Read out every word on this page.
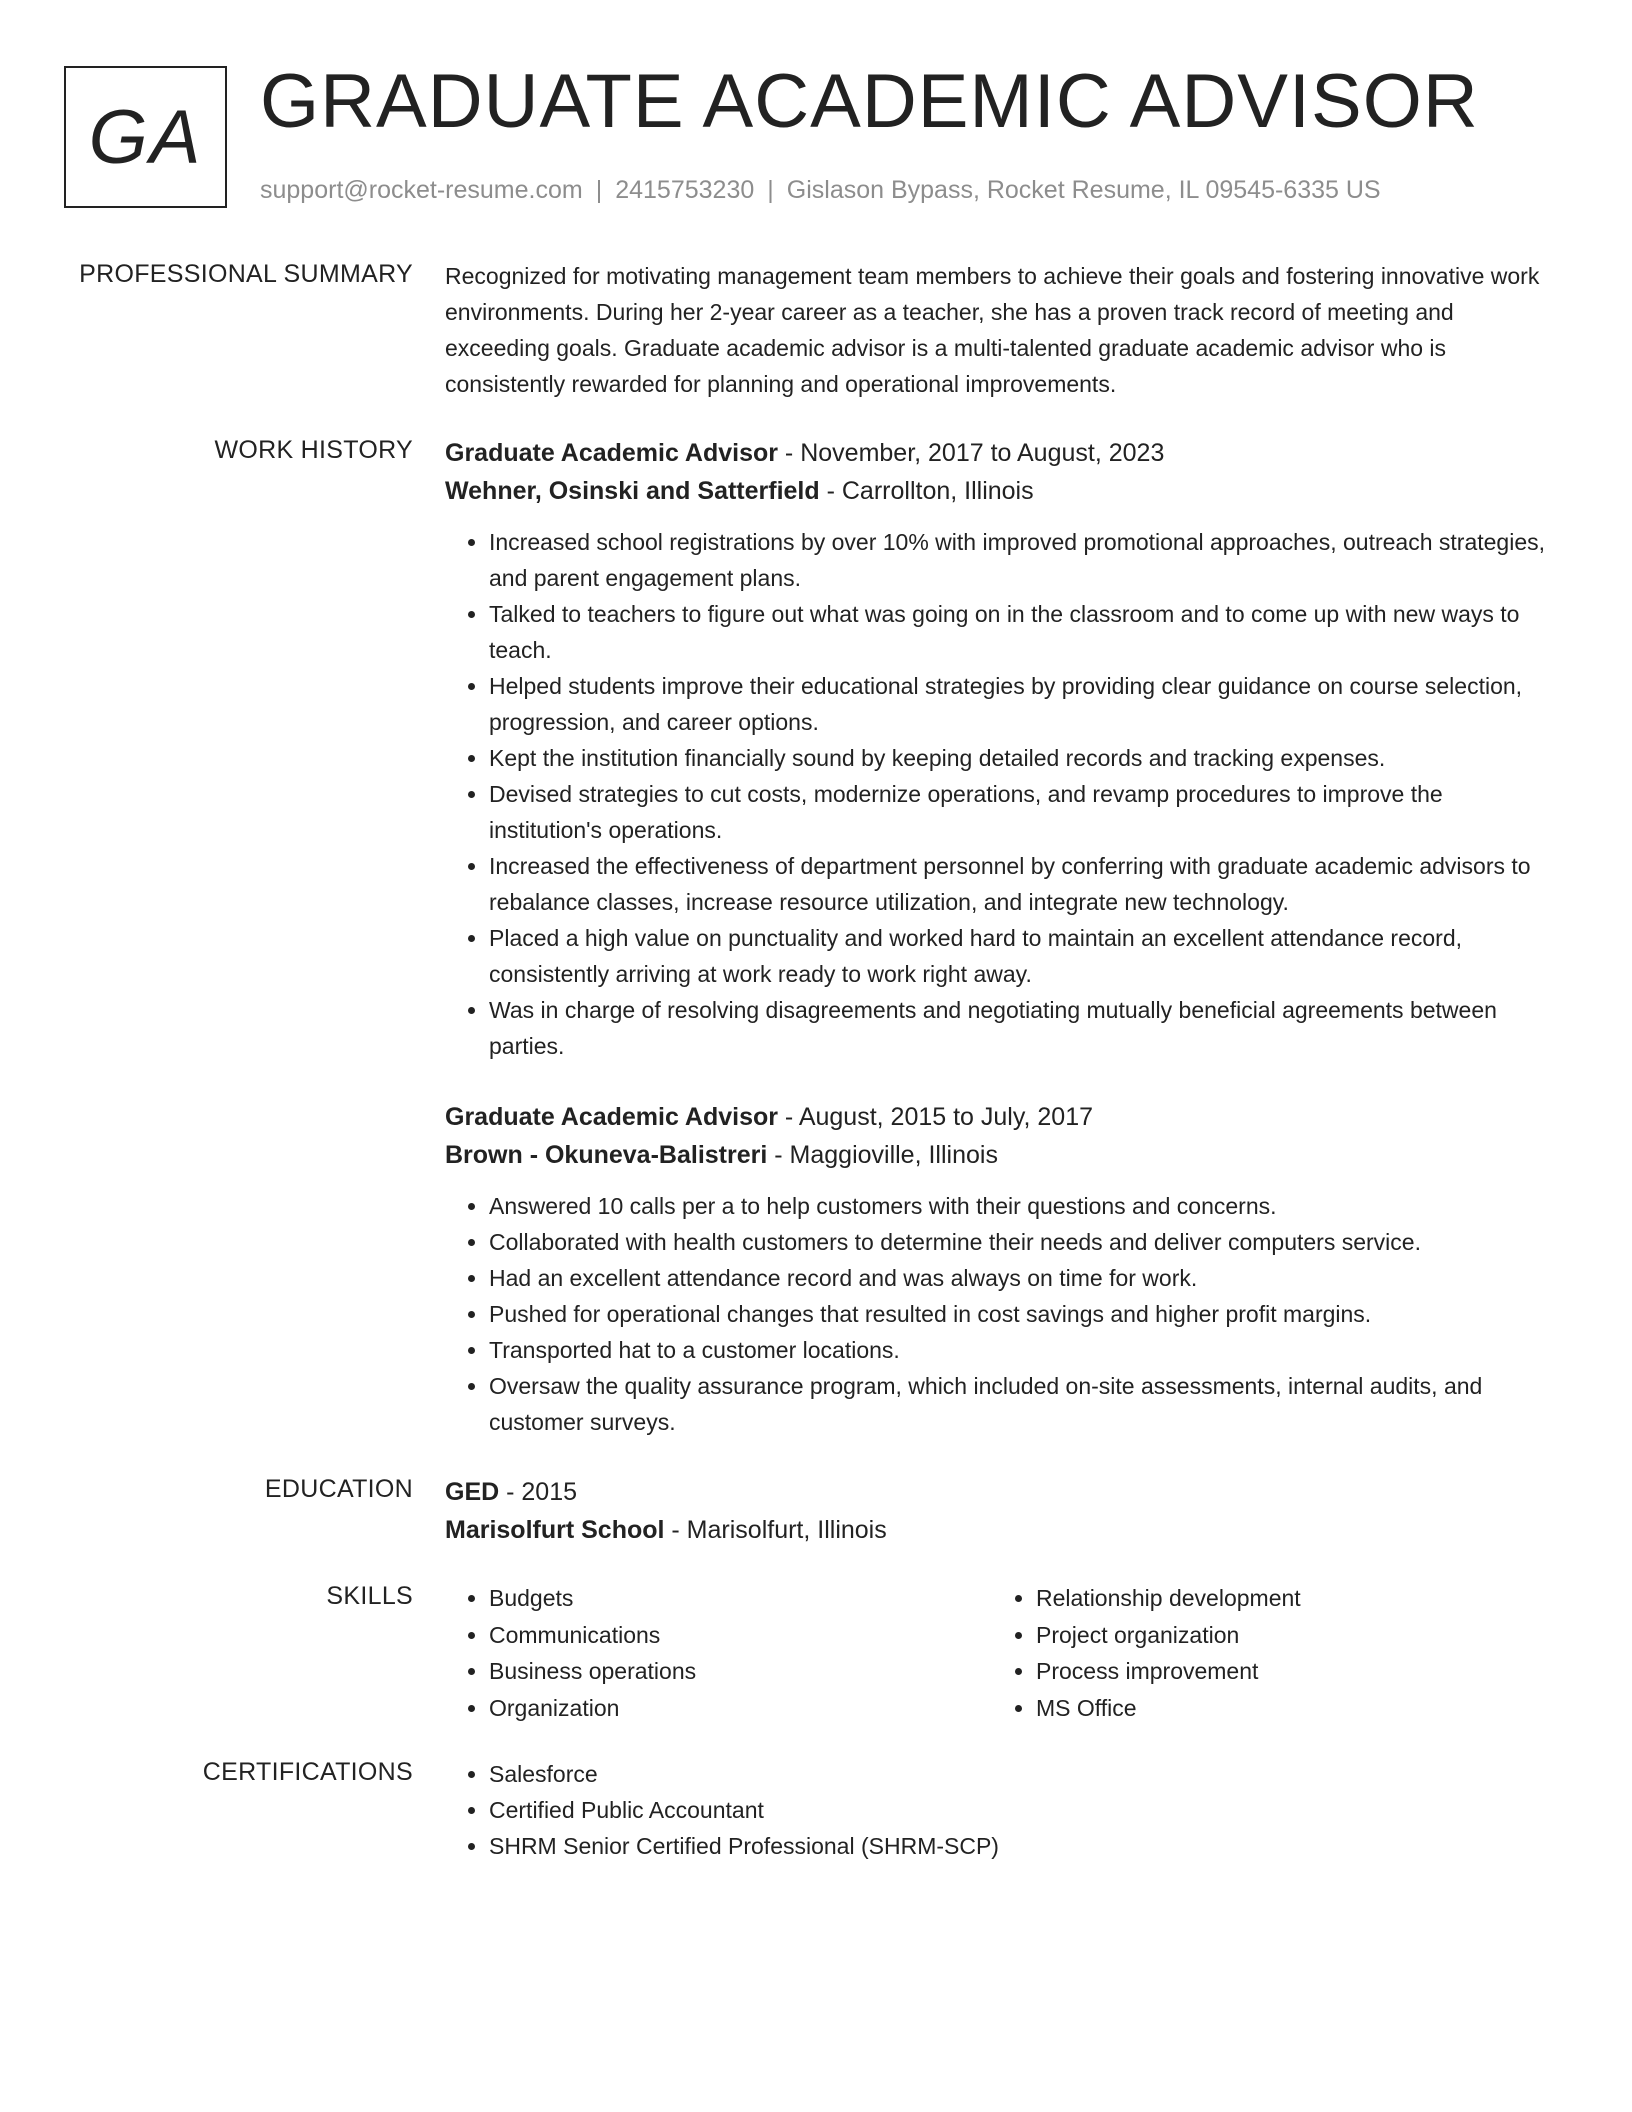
GA GRADUATE ACADEMIC ADVISOR
support@rocket-resume.com | 2415753230 | Gislason Bypass, Rocket Resume, IL 09545-6335 US
PROFESSIONAL SUMMARY Recognized for motivating management team members to achieve their goals and fostering innovative work environments. During her 2-year career as a teacher, she has a proven track record of meeting and exceeding goals. Graduate academic advisor is a multi-talented graduate academic advisor who is consistently rewarded for planning and operational improvements.
WORK HISTORY Graduate Academic Advisor - November, 2017 to August, 2023
Wehner, Osinski and Satterfield - Carrollton, Illinois
• Increased school registrations by over 10% with improved promotional approaches, outreach strategies, and parent engagement plans.
• Talked to teachers to figure out what was going on in the classroom and to come up with new ways to teach.
• Helped students improve their educational strategies by providing clear guidance on course selection, progression, and career options.
• Kept the institution financially sound by keeping detailed records and tracking expenses.
• Devised strategies to cut costs, modernize operations, and revamp procedures to improve the institution's operations.
• Increased the effectiveness of department personnel by conferring with graduate academic advisors to rebalance classes, increase resource utilization, and integrate new technology.
• Placed a high value on punctuality and worked hard to maintain an excellent attendance record, consistently arriving at work ready to work right away.
• Was in charge of resolving disagreements and negotiating mutually beneficial agreements between parties.
Graduate Academic Advisor - August, 2015 to July, 2017
Brown - Okuneva-Balistreri - Maggioville, Illinois
• Answered 10 calls per a to help customers with their questions and concerns.
• Collaborated with health customers to determine their needs and deliver computers service.
• Had an excellent attendance record and was always on time for work.
• Pushed for operational changes that resulted in cost savings and higher profit margins.
• Transported hat to a customer locations.
• Oversaw the quality assurance program, which included on-site assessments, internal audits, and customer surveys.
EDUCATION GED - 2015
Marisolfurt School - Marisolfurt, Illinois
SKILLS	• Budgets
• Communications
• Business operations
• Organization
• Relationship development
• Project organization
• Process improvement
• MS Office
CERTIFICATIONS	• Salesforce
• Certified Public Accountant
• SHRM Senior Certified Professional (SHRM-SCP)
